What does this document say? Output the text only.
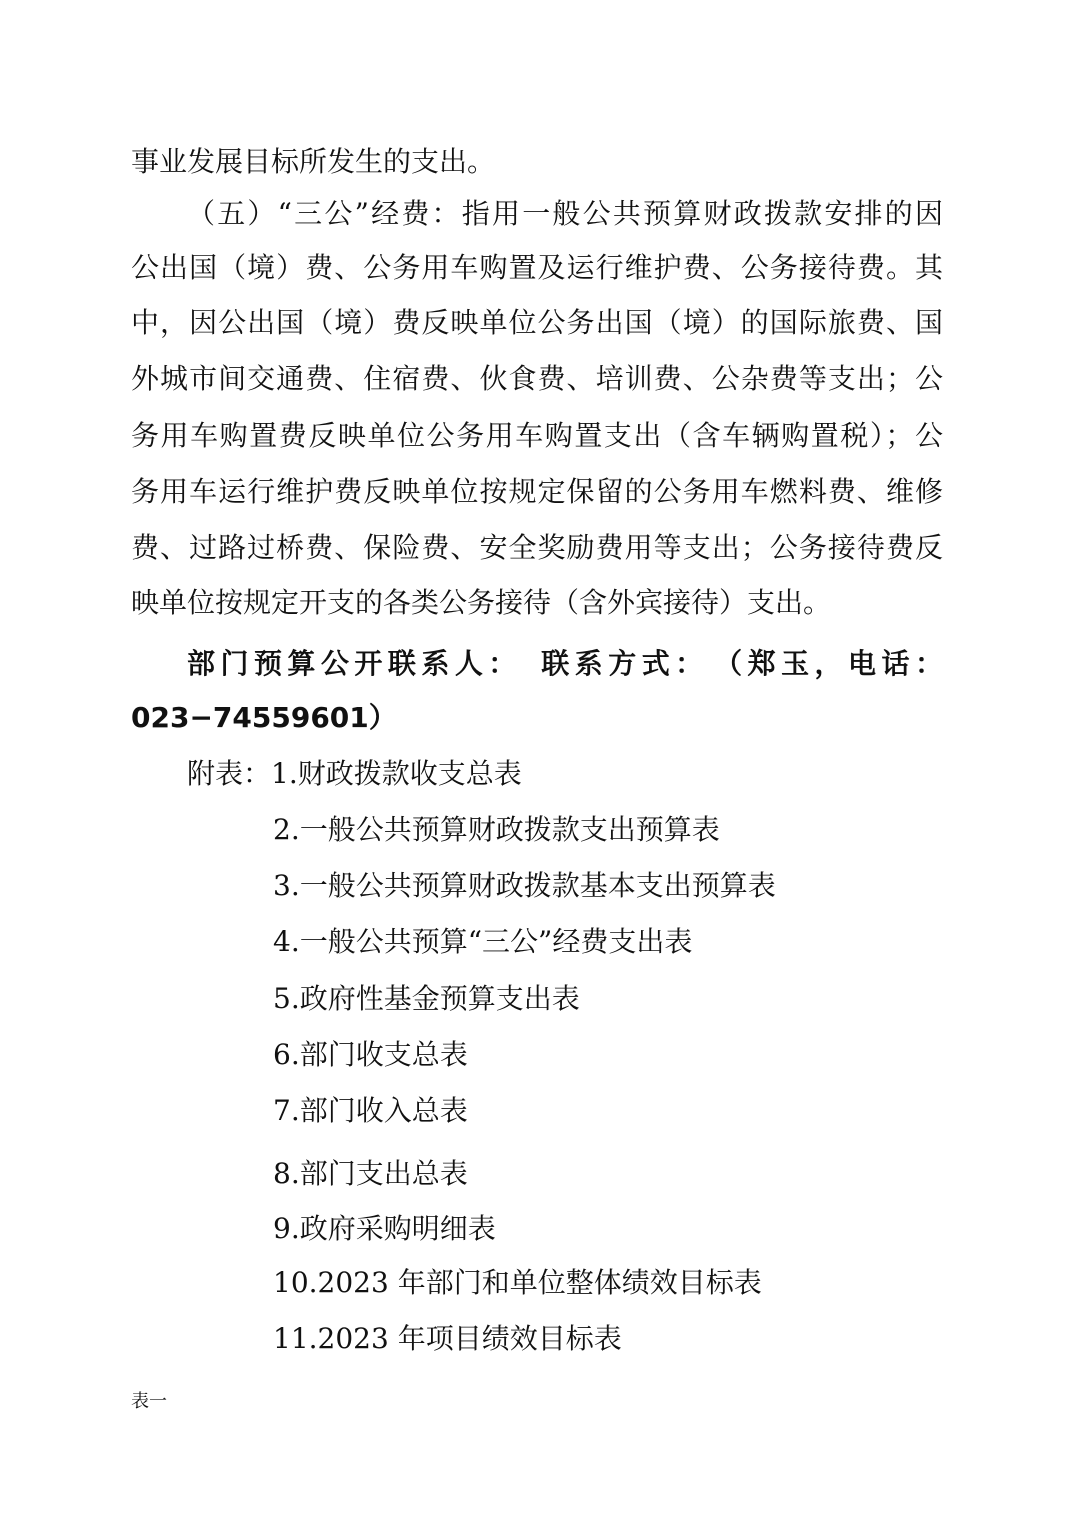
事业发展目标所发生的支出。
（五）“三公”经费：指用一般公共预算财政拨款安排的因
公出国（境）费、公务用车购置及运行维护费、公务接待费。其
中，因公出国（境）费反映单位公务出国（境）的国际旅费、国
外城市间交通费、住宿费、伙食费、培训费、公杂费等支出；公
务用车购置费反映单位公务用车购置支出（含车辆购置税）；公
务用车运行维护费反映单位按规定保留的公务用车燃料费、维修
费、过路过桥费、保险费、安全奖励费用等支出；公务接待费反
映单位按规定开支的各类公务接待（含外宾接待）支出。
部门预算公开联系人：　联系方式：　（郑玉，电话：
023−74559601）
附表：1.财政拨款收支总表
2.一般公共预算财政拨款支出预算表
3.一般公共预算财政拨款基本支出预算表
4.一般公共预算“三公”经费支出表
5.政府性基金预算支出表
6.部门收支总表
7.部门收入总表
8.部门支出总表
9.政府采购明细表
10.2023 年部门和单位整体绩效目标表
11.2023 年项目绩效目标表
表一
